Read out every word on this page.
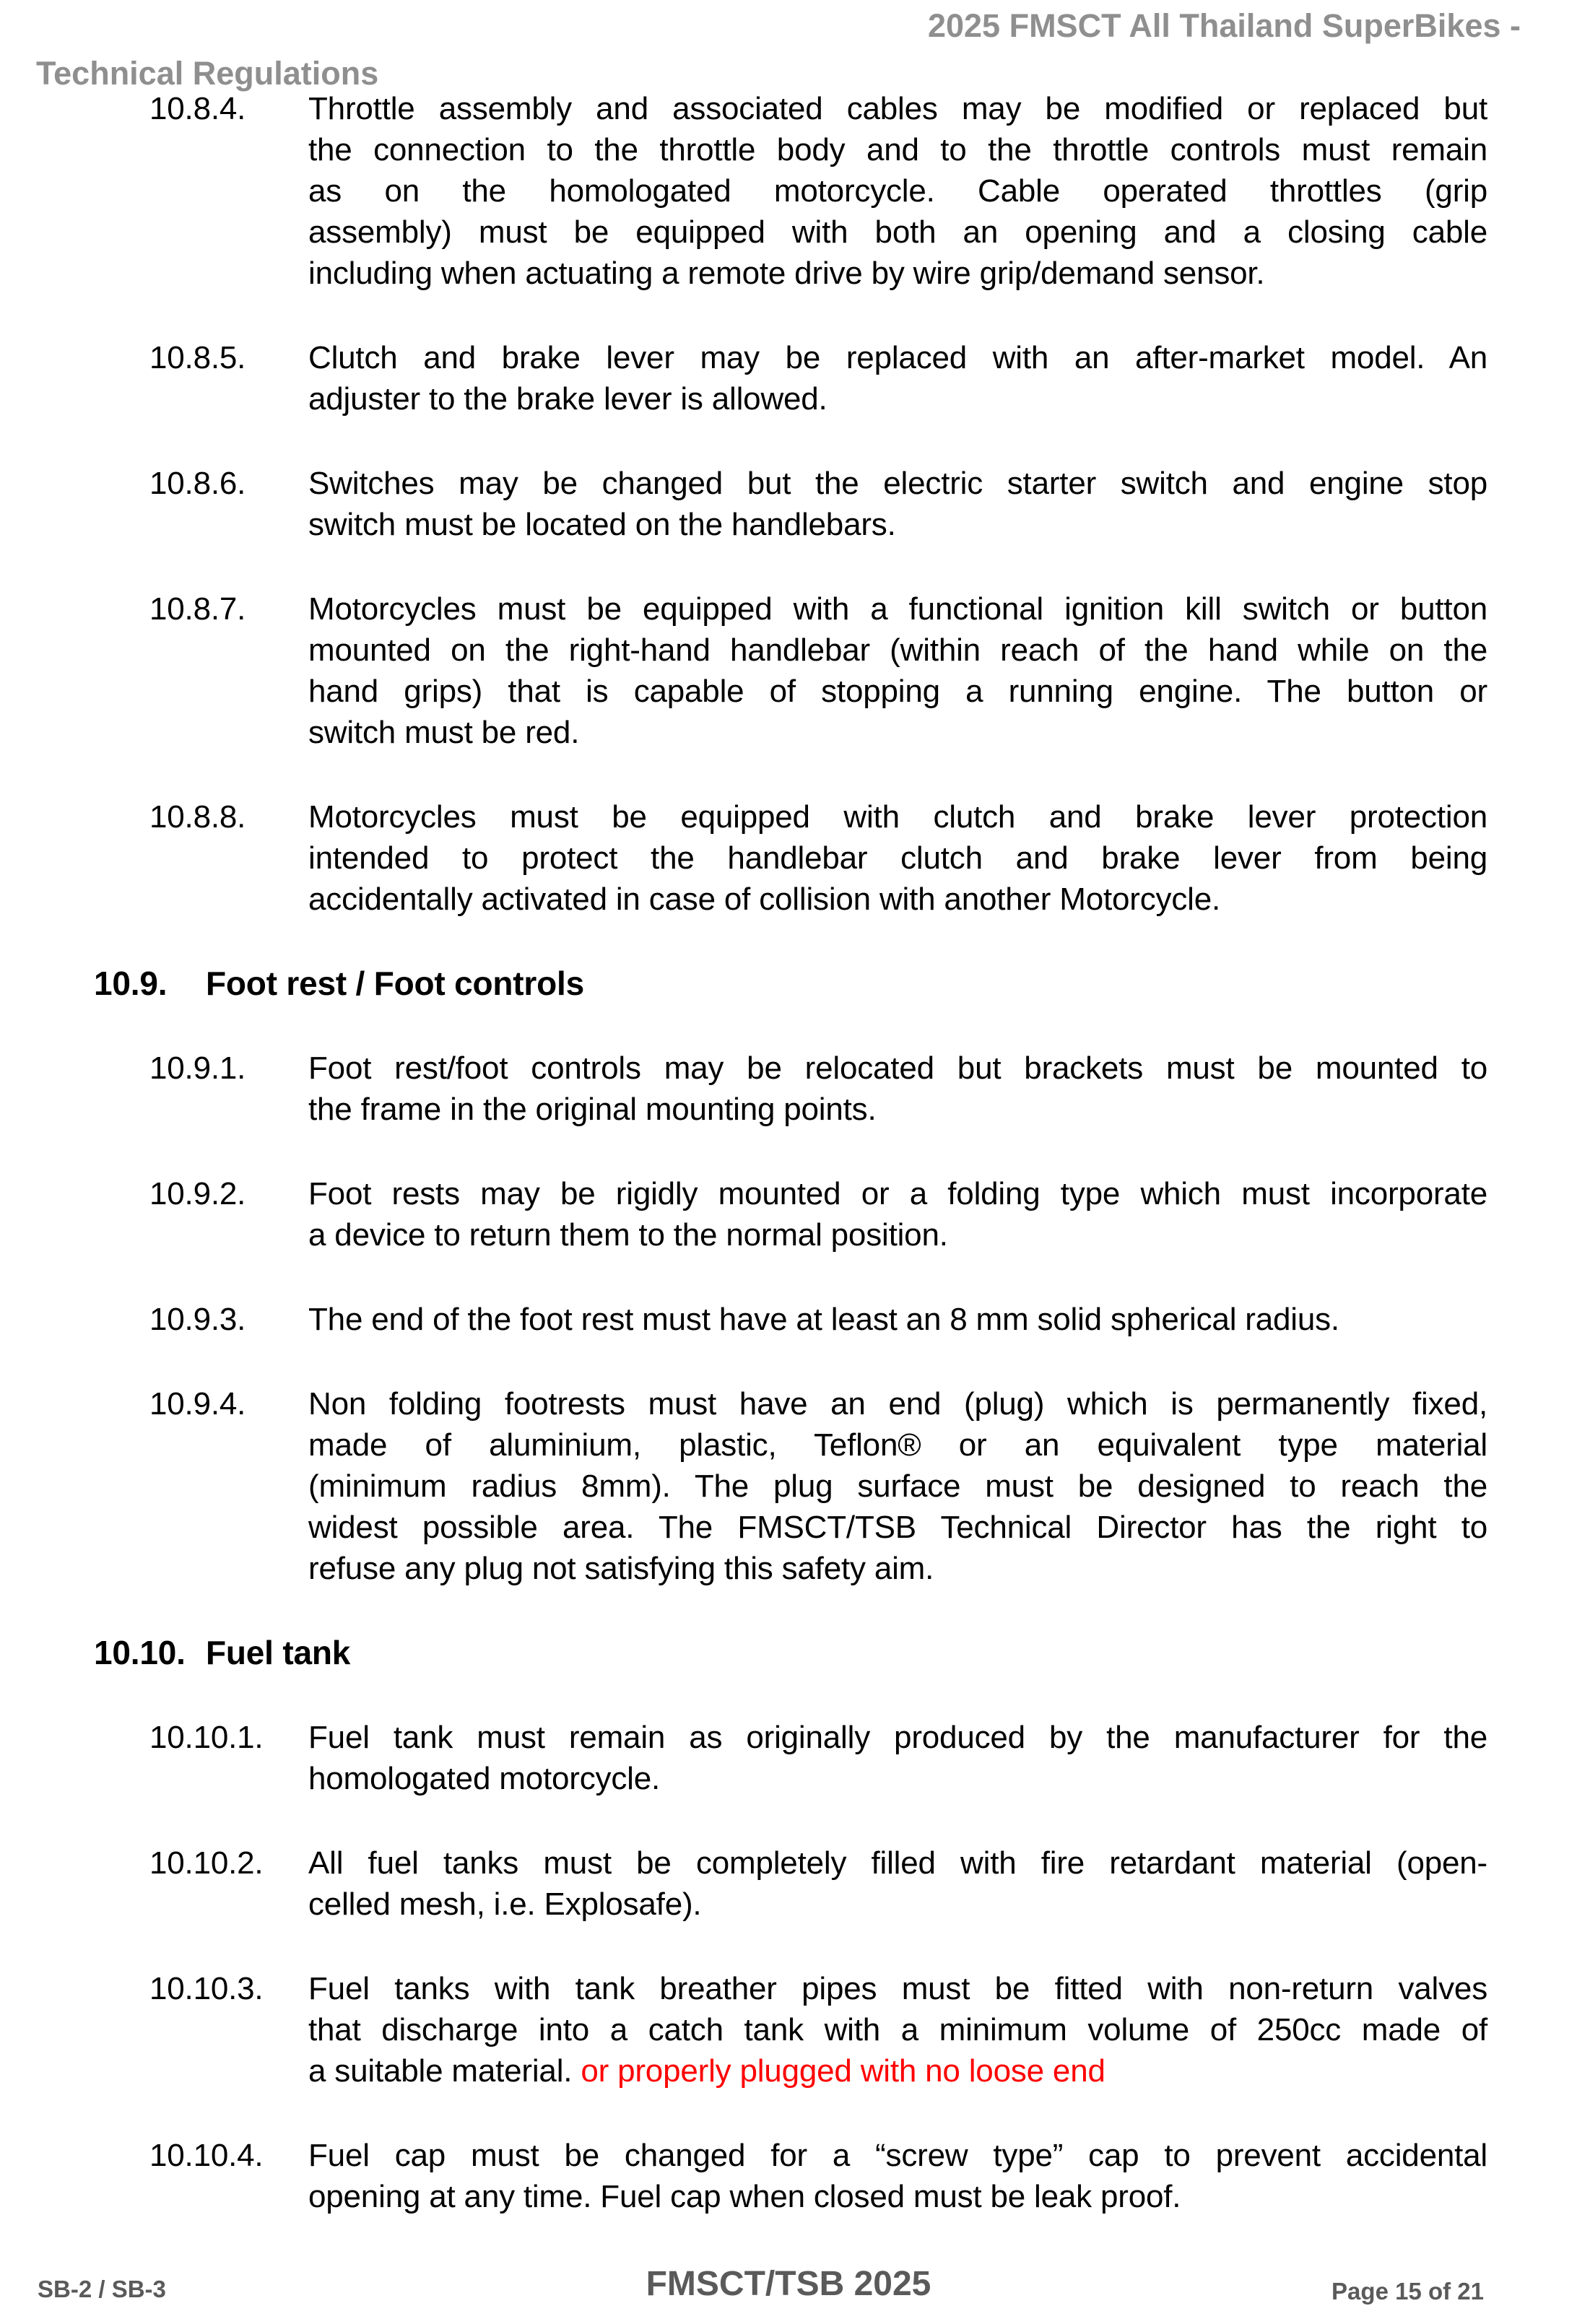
2025 FMSCT All Thailand SuperBikes -
Technical Regulations
10.8.4. Throttle assembly and associated cables may be modified or replaced but
the connection to the throttle body and to the throttle controls must remain
as on the homologated motorcycle. Cable operated throttles (grip
assembly) must be equipped with both an opening and a closing cable
including when actuating a remote drive by wire grip/demand sensor.
10.8.5. Clutch and brake lever may be replaced with an after-market model. An
adjuster to the brake lever is allowed.
10.8.6. Switches may be changed but the electric starter switch and engine stop
switch must be located on the handlebars.
10.8.7. Motorcycles must be equipped with a functional ignition kill switch or button
mounted on the right-hand handlebar (within reach of the hand while on the
hand grips) that is capable of stopping a running engine. The button or
switch must be red.
10.8.8. Motorcycles must be equipped with clutch and brake lever protection
intended to protect the handlebar clutch and brake lever from being
accidentally activated in case of collision with another Motorcycle.
10.9. Foot rest / Foot controls
10.9.1. Foot rest/foot controls may be relocated but brackets must be mounted to
the frame in the original mounting points.
10.9.2. Foot rests may be rigidly mounted or a folding type which must incorporate
a device to return them to the normal position.
10.9.3. The end of the foot rest must have at least an 8 mm solid spherical radius.
10.9.4. Non folding footrests must have an end (plug) which is permanently fixed,
made of aluminium, plastic, Teflon® or an equivalent type material
(minimum radius 8mm). The plug surface must be designed to reach the
widest possible area. The FMSCT/TSB Technical Director has the right to
refuse any plug not satisfying this safety aim.
10.10. Fuel tank
10.10.1. Fuel tank must remain as originally produced by the manufacturer for the
homologated motorcycle.
10.10.2. All fuel tanks must be completely filled with fire retardant material (open-
celled mesh, i.e. Explosafe).
10.10.3. Fuel tanks with tank breather pipes must be fitted with non-return valves
that discharge into a catch tank with a minimum volume of 250cc made of
a suitable material. or properly plugged with no loose end
10.10.4. Fuel cap must be changed for a “screw type” cap to prevent accidental
opening at any time. Fuel cap when closed must be leak proof.
SB-2 / SB-3	FMSCT/TSB 2025	Page 15 of 21
